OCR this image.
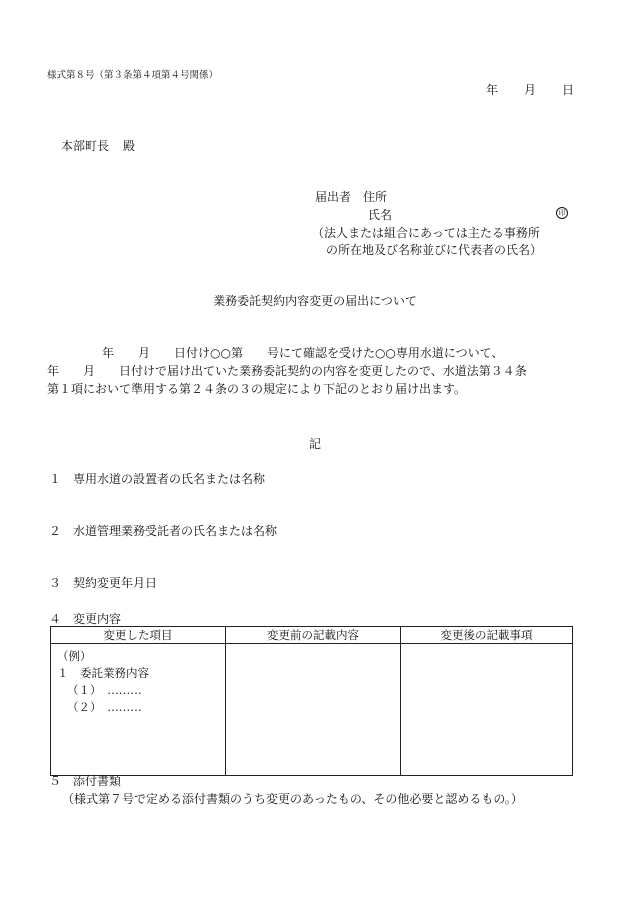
様式第８号（第３条第４項第４号関係）
年 月 日
本部町長 殿
届出者 住所
氏名	印
（法人または組合にあっては主たる事務所
の所在地及び名称並びに代表者の氏名）
業務委託契約内容変更の届出について
年　　月　　日付け○○第　　号にて確認を受けた○○専用水道について、
年　　月　　日付けで届け出ていた業務委託契約の内容を変更したので、水道法第３４条
第１項において準用する第２４条の３の規定により下記のとおり届け出ます。
記
１ 専用水道の設置者の氏名または名称
２ 水道管理業務受託者の氏名または名称
３ 契約変更年月日
４ 変更内容
変更した項目	変更前の記載内容	変更後の記載事項

（例）
１　委託業務内容
（１）　………
（２）　………		

５ 添付書類
（様式第７号で定める添付書類のうち変更のあったもの、その他必要と認めるもの。）
